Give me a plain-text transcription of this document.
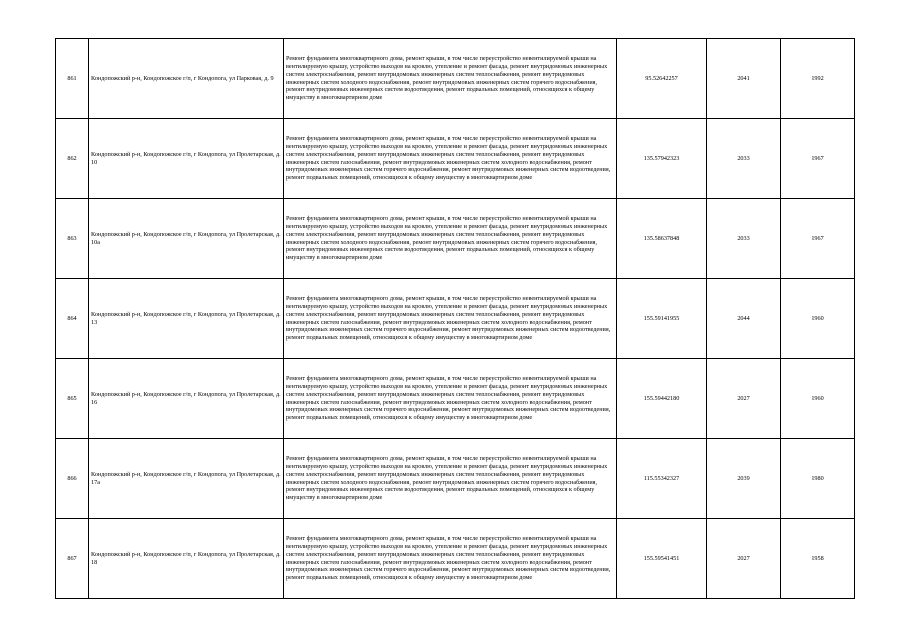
861	Кондопожский р-н, Кондопожское г/п, г Кондопога, ул Парковая, д. 9	Ремонт фундамента многоквартирного дома, ремонт крыши, в том числе переустройство невентилируемой крыши на вентилируемую крышу, устройство выходов на кровлю, утепление и ремонт фасада, ремонт внутридомовых инженерных систем электроснабжения, ремонт внутридомовых инженерных систем теплоснабжения, ремонт внутридомовых инженерных систем холодного водоснабжения, ремонт внутридомовых инженерных систем горячего водоснабжения, ремонт внутридомовых инженерных систем водоотведения, ремонт подвальных помещений, относящихся к общему имуществу в многоквартирном доме	95.52642257	2041	1992
862	Кондопожский р-н, Кондопожское г/п, г Кондопога, ул Пролетарская, д. 10	Ремонт фундамента многоквартирного дома, ремонт крыши, в том числе переустройство невентилируемой крыши на вентилируемую крышу, устройство выходов на кровлю, утепление и ремонт фасада, ремонт внутридомовых инженерных систем электроснабжения, ремонт внутридомовых инженерных систем теплоснабжения, ремонт внутридомовых инженерных систем газоснабжения, ремонт внутридомовых инженерных систем холодного водоснабжения, ремонт внутридомовых инженерных систем горячего водоснабжения, ремонт внутридомовых инженерных систем водоотведения, ремонт подвальных помещений, относящихся к общему имуществу в многоквартирном доме	135.57942323	2033	1967
863	Кондопожский р-н, Кондопожское г/п, г Кондопога, ул Пролетарская, д. 10а	Ремонт фундамента многоквартирного дома, ремонт крыши, в том числе переустройство невентилируемой крыши на вентилируемую крышу, устройство выходов на кровлю, утепление и ремонт фасада, ремонт внутридомовых инженерных систем электроснабжения, ремонт внутридомовых инженерных систем теплоснабжения, ремонт внутридомовых инженерных систем холодного водоснабжения, ремонт внутридомовых инженерных систем горячего водоснабжения, ремонт внутридомовых инженерных систем водоотведения, ремонт подвальных помещений, относящихся к общему имуществу в многоквартирном доме	135.58637848	2033	1967
864	Кондопожский р-н, Кондопожское г/п, г Кондопога, ул Пролетарская, д. 13	Ремонт фундамента многоквартирного дома, ремонт крыши, в том числе переустройство невентилируемой крыши на вентилируемую крышу, устройство выходов на кровлю, утепление и ремонт фасада, ремонт внутридомовых инженерных систем электроснабжения, ремонт внутридомовых инженерных систем теплоснабжения, ремонт внутридомовых инженерных систем газоснабжения, ремонт внутридомовых инженерных систем холодного водоснабжения, ремонт внутридомовых инженерных систем горячего водоснабжения, ремонт внутридомовых инженерных систем водоотведения, ремонт подвальных помещений, относящихся к общему имуществу в многоквартирном доме	155.59141955	2044	1960
865	Кондопожский р-н, Кондопожское г/п, г Кондопога, ул Пролетарская, д. 16	Ремонт фундамента многоквартирного дома, ремонт крыши, в том числе переустройство невентилируемой крыши на вентилируемую крышу, устройство выходов на кровлю, утепление и ремонт фасада, ремонт внутридомовых инженерных систем электроснабжения, ремонт внутридомовых инженерных систем теплоснабжения, ремонт внутридомовых инженерных систем газоснабжения, ремонт внутридомовых инженерных систем холодного водоснабжения, ремонт внутридомовых инженерных систем горячего водоснабжения, ремонт внутридомовых инженерных систем водоотведения, ремонт подвальных помещений, относящихся к общему имуществу в многоквартирном доме	155.59442180	2027	1960
866	Кондопожский р-н, Кондопожское г/п, г Кондопога, ул Пролетарская, д. 17а	Ремонт фундамента многоквартирного дома, ремонт крыши, в том числе переустройство невентилируемой крыши на вентилируемую крышу, устройство выходов на кровлю, утепление и ремонт фасада, ремонт внутридомовых инженерных систем электроснабжения, ремонт внутридомовых инженерных систем теплоснабжения, ремонт внутридомовых инженерных систем холодного водоснабжения, ремонт внутридомовых инженерных систем горячего водоснабжения, ремонт внутридомовых инженерных систем водоотведения, ремонт подвальных помещений, относящихся к общему имуществу в многоквартирном доме	115.55342327	2039	1980
867	Кондопожский р-н, Кондопожское г/п, г Кондопога, ул Пролетарская, д. 18	Ремонт фундамента многоквартирного дома, ремонт крыши, в том числе переустройство невентилируемой крыши на вентилируемую крышу, устройство выходов на кровлю, утепление и ремонт фасада, ремонт внутридомовых инженерных систем электроснабжения, ремонт внутридомовых инженерных систем теплоснабжения, ремонт внутридомовых инженерных систем газоснабжения, ремонт внутридомовых инженерных систем холодного водоснабжения, ремонт внутридомовых инженерных систем горячего водоснабжения, ремонт внутридомовых инженерных систем водоотведения, ремонт подвальных помещений, относящихся к общему имуществу в многоквартирном доме	155.59541451	2027	1958
